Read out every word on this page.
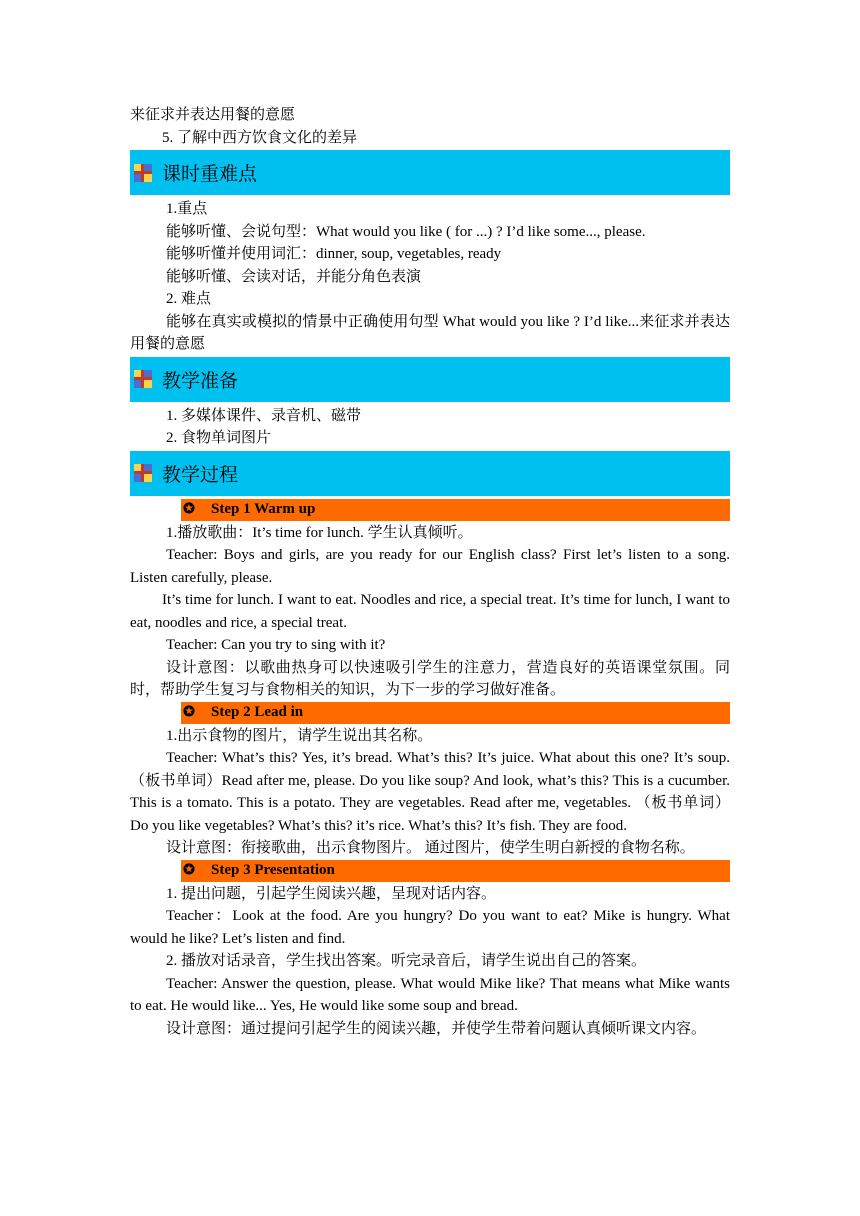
来征求并表达用餐的意愿

5. 了解中西方饮食文化的差异

课时重难点

1.重点

能够听懂、会说句型：What would you like ( for ...) ? I’d like some..., please.

能够听懂并使用词汇：dinner, soup, vegetables, ready

能够听懂、会读对话，并能分角色表演

2. 难点

能够在真实或模拟的情景中正确使用句型 What would you like ? I’d like...来征求并表达用餐的意愿

教学准备

1. 多媒体课件、录音机、磁带

2. 食物单词图片

教学过程
✪ Step 1 Warm up

1.播放歌曲：It’s time for lunch. 学生认真倾听。

Teacher: Boys and girls, are you ready for our English class? First let’s listen to a song. Listen carefully, please.

It’s time for lunch. I want to eat. Noodles and rice, a special treat. It’s time for lunch, I want to eat, noodles and rice, a special treat.

Teacher: Can you try to sing with it?

设计意图：以歌曲热身可以快速吸引学生的注意力，营造良好的英语课堂氛围。同时，帮助学生复习与食物相关的知识，为下一步的学习做好准备。

✪ Step 2 Lead in

1.出示食物的图片，请学生说出其名称。

Teacher: What’s this? Yes, it’s bread. What’s this? It’s juice. What about this one? It’s soup. （板书单词）Read after me, please. Do you like soup? And look, what’s this? This is a cucumber. This is a tomato. This is a potato. They are vegetables. Read after me, vegetables. （板书单词）Do you like vegetables? What’s this? it’s rice. What’s this? It’s fish. They are food.

设计意图：衔接歌曲，出示食物图片。 通过图片，使学生明白新授的食物名称。

✪ Step 3 Presentation

1. 提出问题，引起学生阅读兴趣，呈现对话内容。

Teacher：Look at the food. Are you hungry? Do you want to eat? Mike is hungry. What would he like? Let’s listen and find.

2. 播放对话录音，学生找出答案。听完录音后，请学生说出自己的答案。

Teacher: Answer the question, please. What would Mike like? That means what Mike wants to eat. He would like... Yes, He would like some soup and bread.

设计意图：通过提问引起学生的阅读兴趣，并使学生带着问题认真倾听课文内容。
